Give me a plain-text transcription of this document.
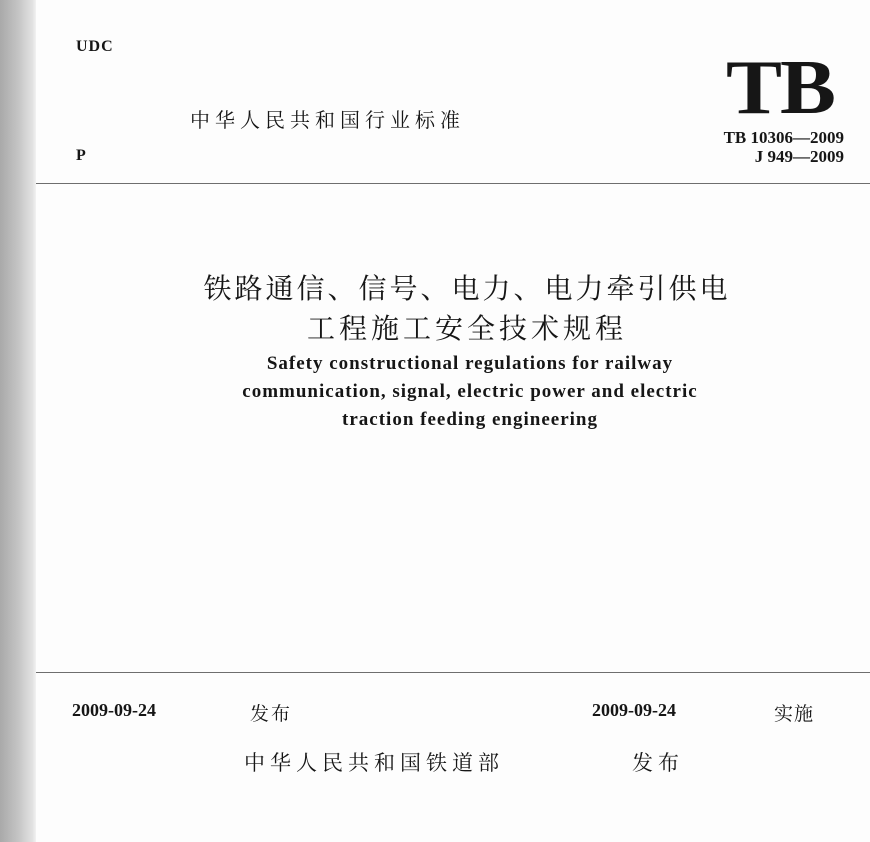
UDC
中华人民共和国行业标准
P
TB
TB 10306—2009
J 949—2009
铁路通信、信号、电力、电力牵引供电
工程施工安全技术规程
Safety constructional regulations for railway
communication, signal, electric power and electric
traction feeding engineering
2009-09-24	发布	2009-09-24	实施
中华人民共和国铁道部	发布
